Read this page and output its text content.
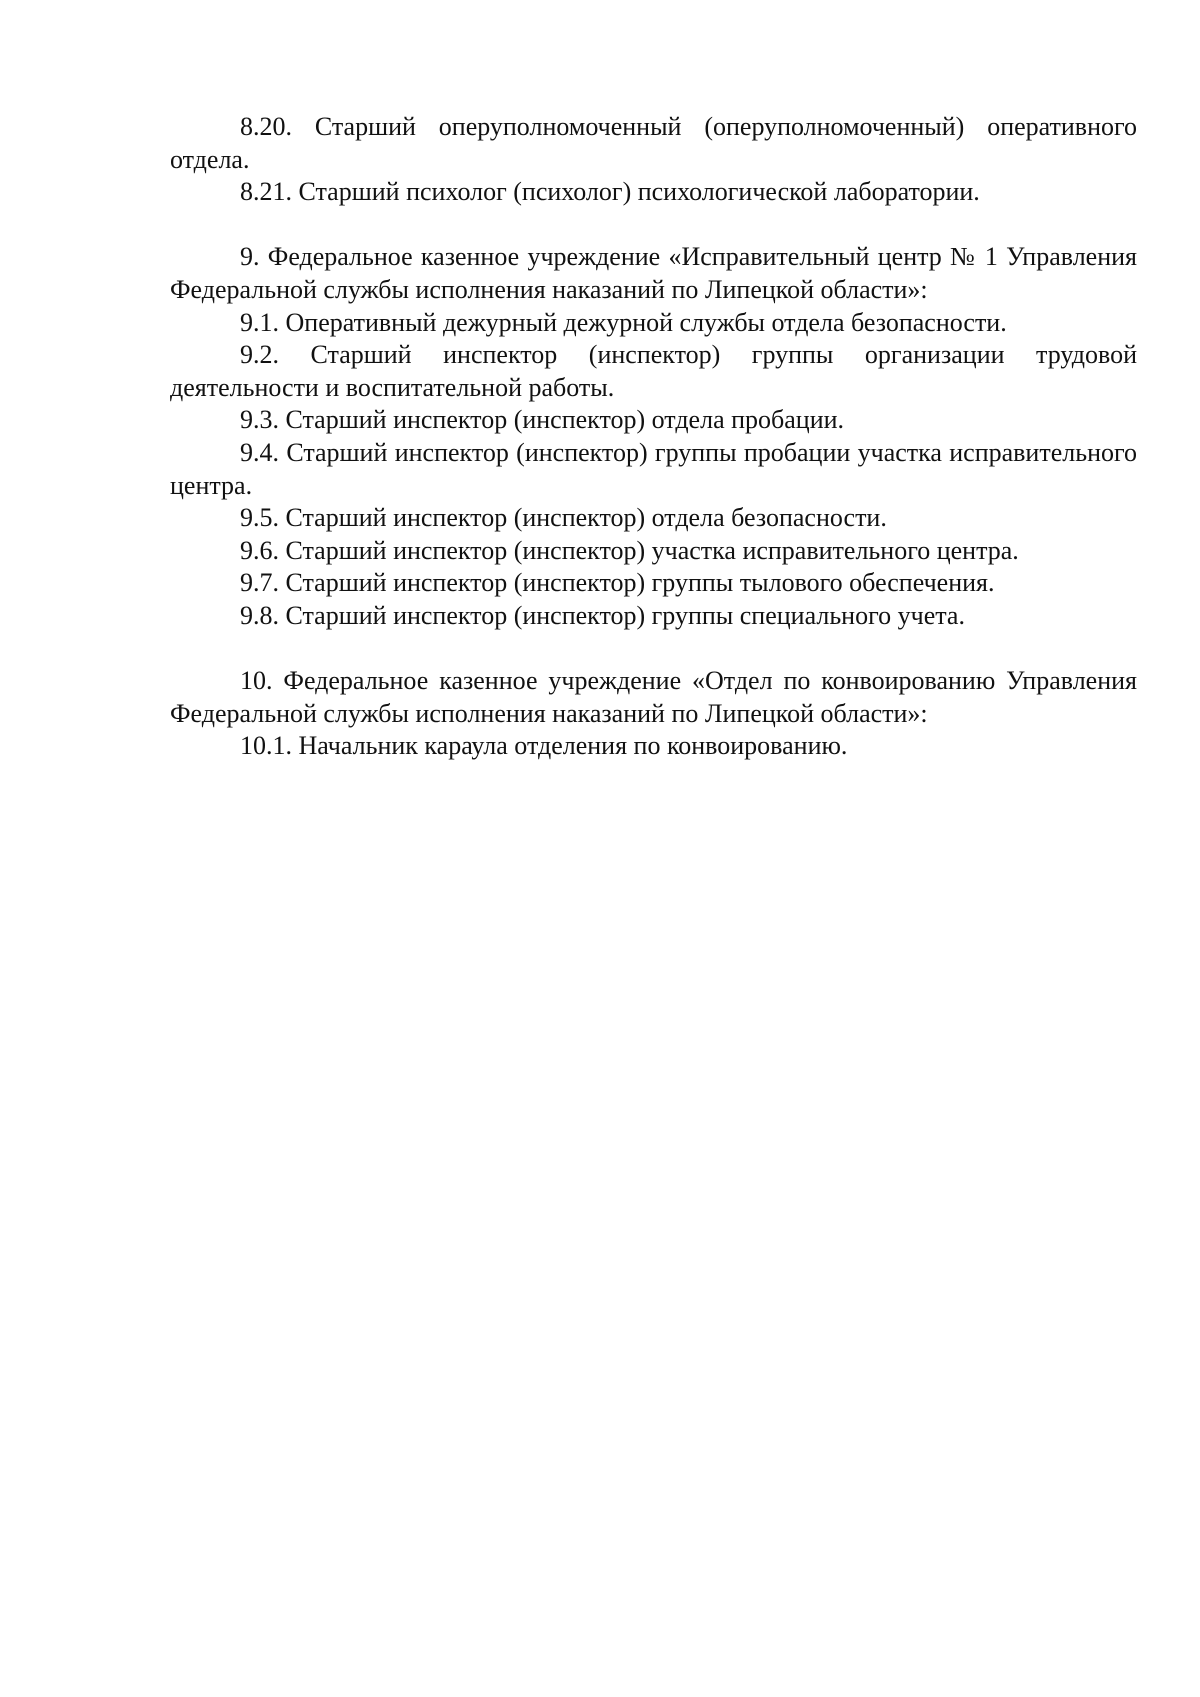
8.20. Старший оперуполномоченный (оперуполномоченный) оперативного отдела.

8.21. Старший психолог (психолог) психологической лаборатории.

9. Федеральное казенное учреждение «Исправительный центр № 1 Управления Федеральной службы исполнения наказаний по Липецкой области»:

9.1. Оперативный дежурный дежурной службы отдела безопасности.

9.2. Старший инспектор (инспектор) группы организации трудовой деятельности и воспитательной работы.

9.3. Старший инспектор (инспектор) отдела пробации.

9.4. Старший инспектор (инспектор) группы пробации участка исправительного центра.

9.5. Старший инспектор (инспектор) отдела безопасности.

9.6. Старший инспектор (инспектор) участка исправительного центра.

9.7. Старший инспектор (инспектор) группы тылового обеспечения.

9.8. Старший инспектор (инспектор) группы специального учета.

10. Федеральное казенное учреждение «Отдел по конвоированию Управления Федеральной службы исполнения наказаний по Липецкой области»:

10.1. Начальник караула отделения по конвоированию.
